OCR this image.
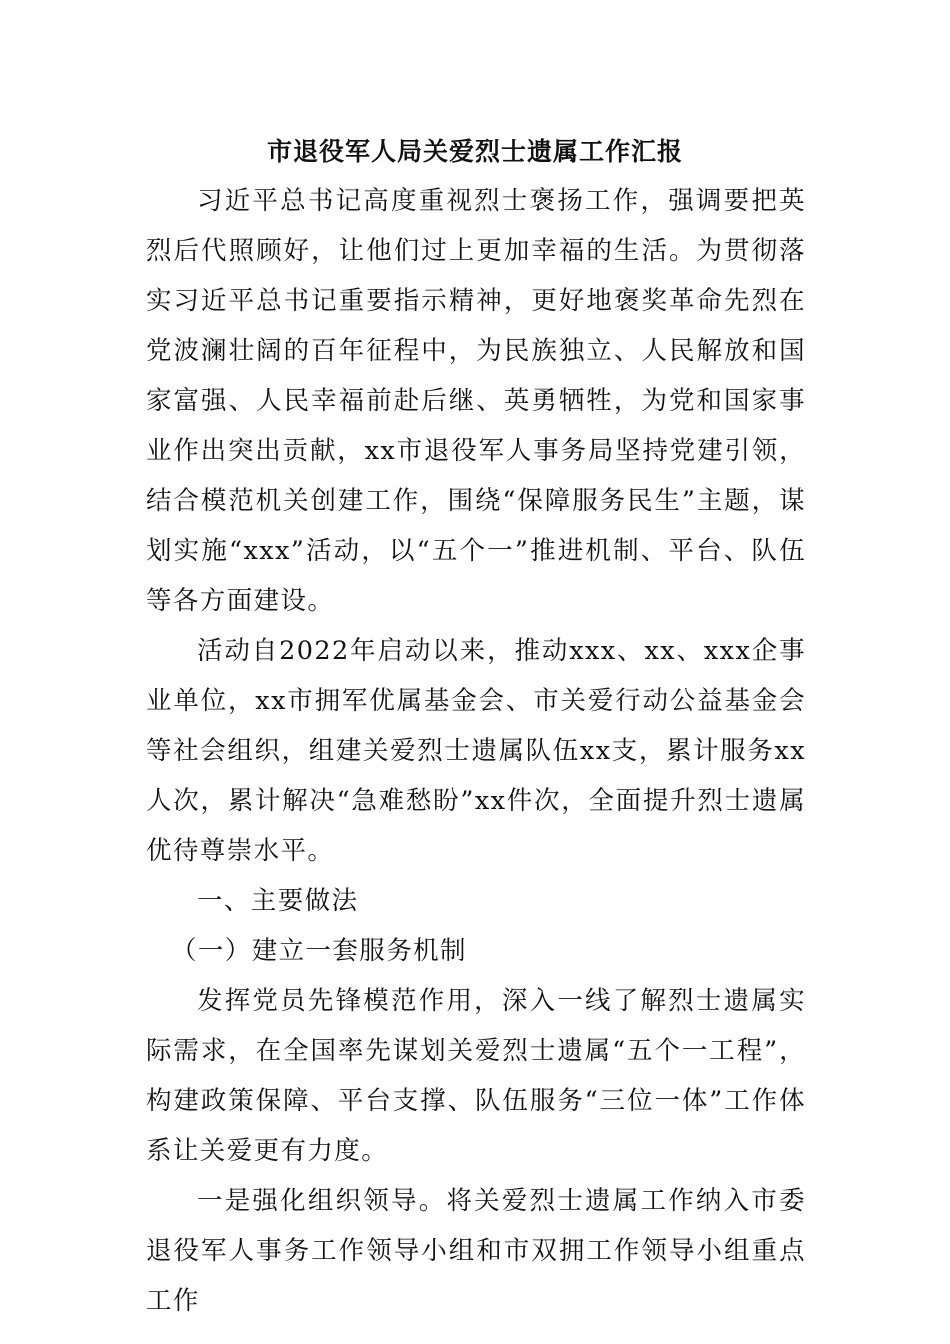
市退役军人局关爱烈士遗属工作汇报

习近平总书记高度重视烈士褒扬工作，强调要把英烈后代照顾好，让他们过上更加幸福的生活。为贯彻落实习近平总书记重要指示精神，更好地褒奖革命先烈在党波澜壮阔的百年征程中，为民族独立、人民解放和国家富强、人民幸福前赴后继、英勇牺牲，为党和国家事业作出突出贡献，xx市退役军人事务局坚持党建引领，结合模范机关创建工作，围绕“保障服务民生”主题，谋划实施“xxx”活动，以“五个一”推进机制、平台、队伍等各方面建设。

活动自2022年启动以来，推动xxx、xx、xxx企事业单位，xx市拥军优属基金会、市关爱行动公益基金会等社会组织，组建关爱烈士遗属队伍xx支，累计服务xx人次，累计解决“急难愁盼”xx件次，全面提升烈士遗属优待尊崇水平。

一、主要做法

（一）建立一套服务机制

发挥党员先锋模范作用，深入一线了解烈士遗属实际需求，在全国率先谋划关爱烈士遗属“五个一工程”，构建政策保障、平台支撑、队伍服务“三位一体”工作体系让关爱更有力度。

一是强化组织领导。将关爱烈士遗属工作纳入市委退役军人事务工作领导小组和市双拥工作领导小组重点工作
